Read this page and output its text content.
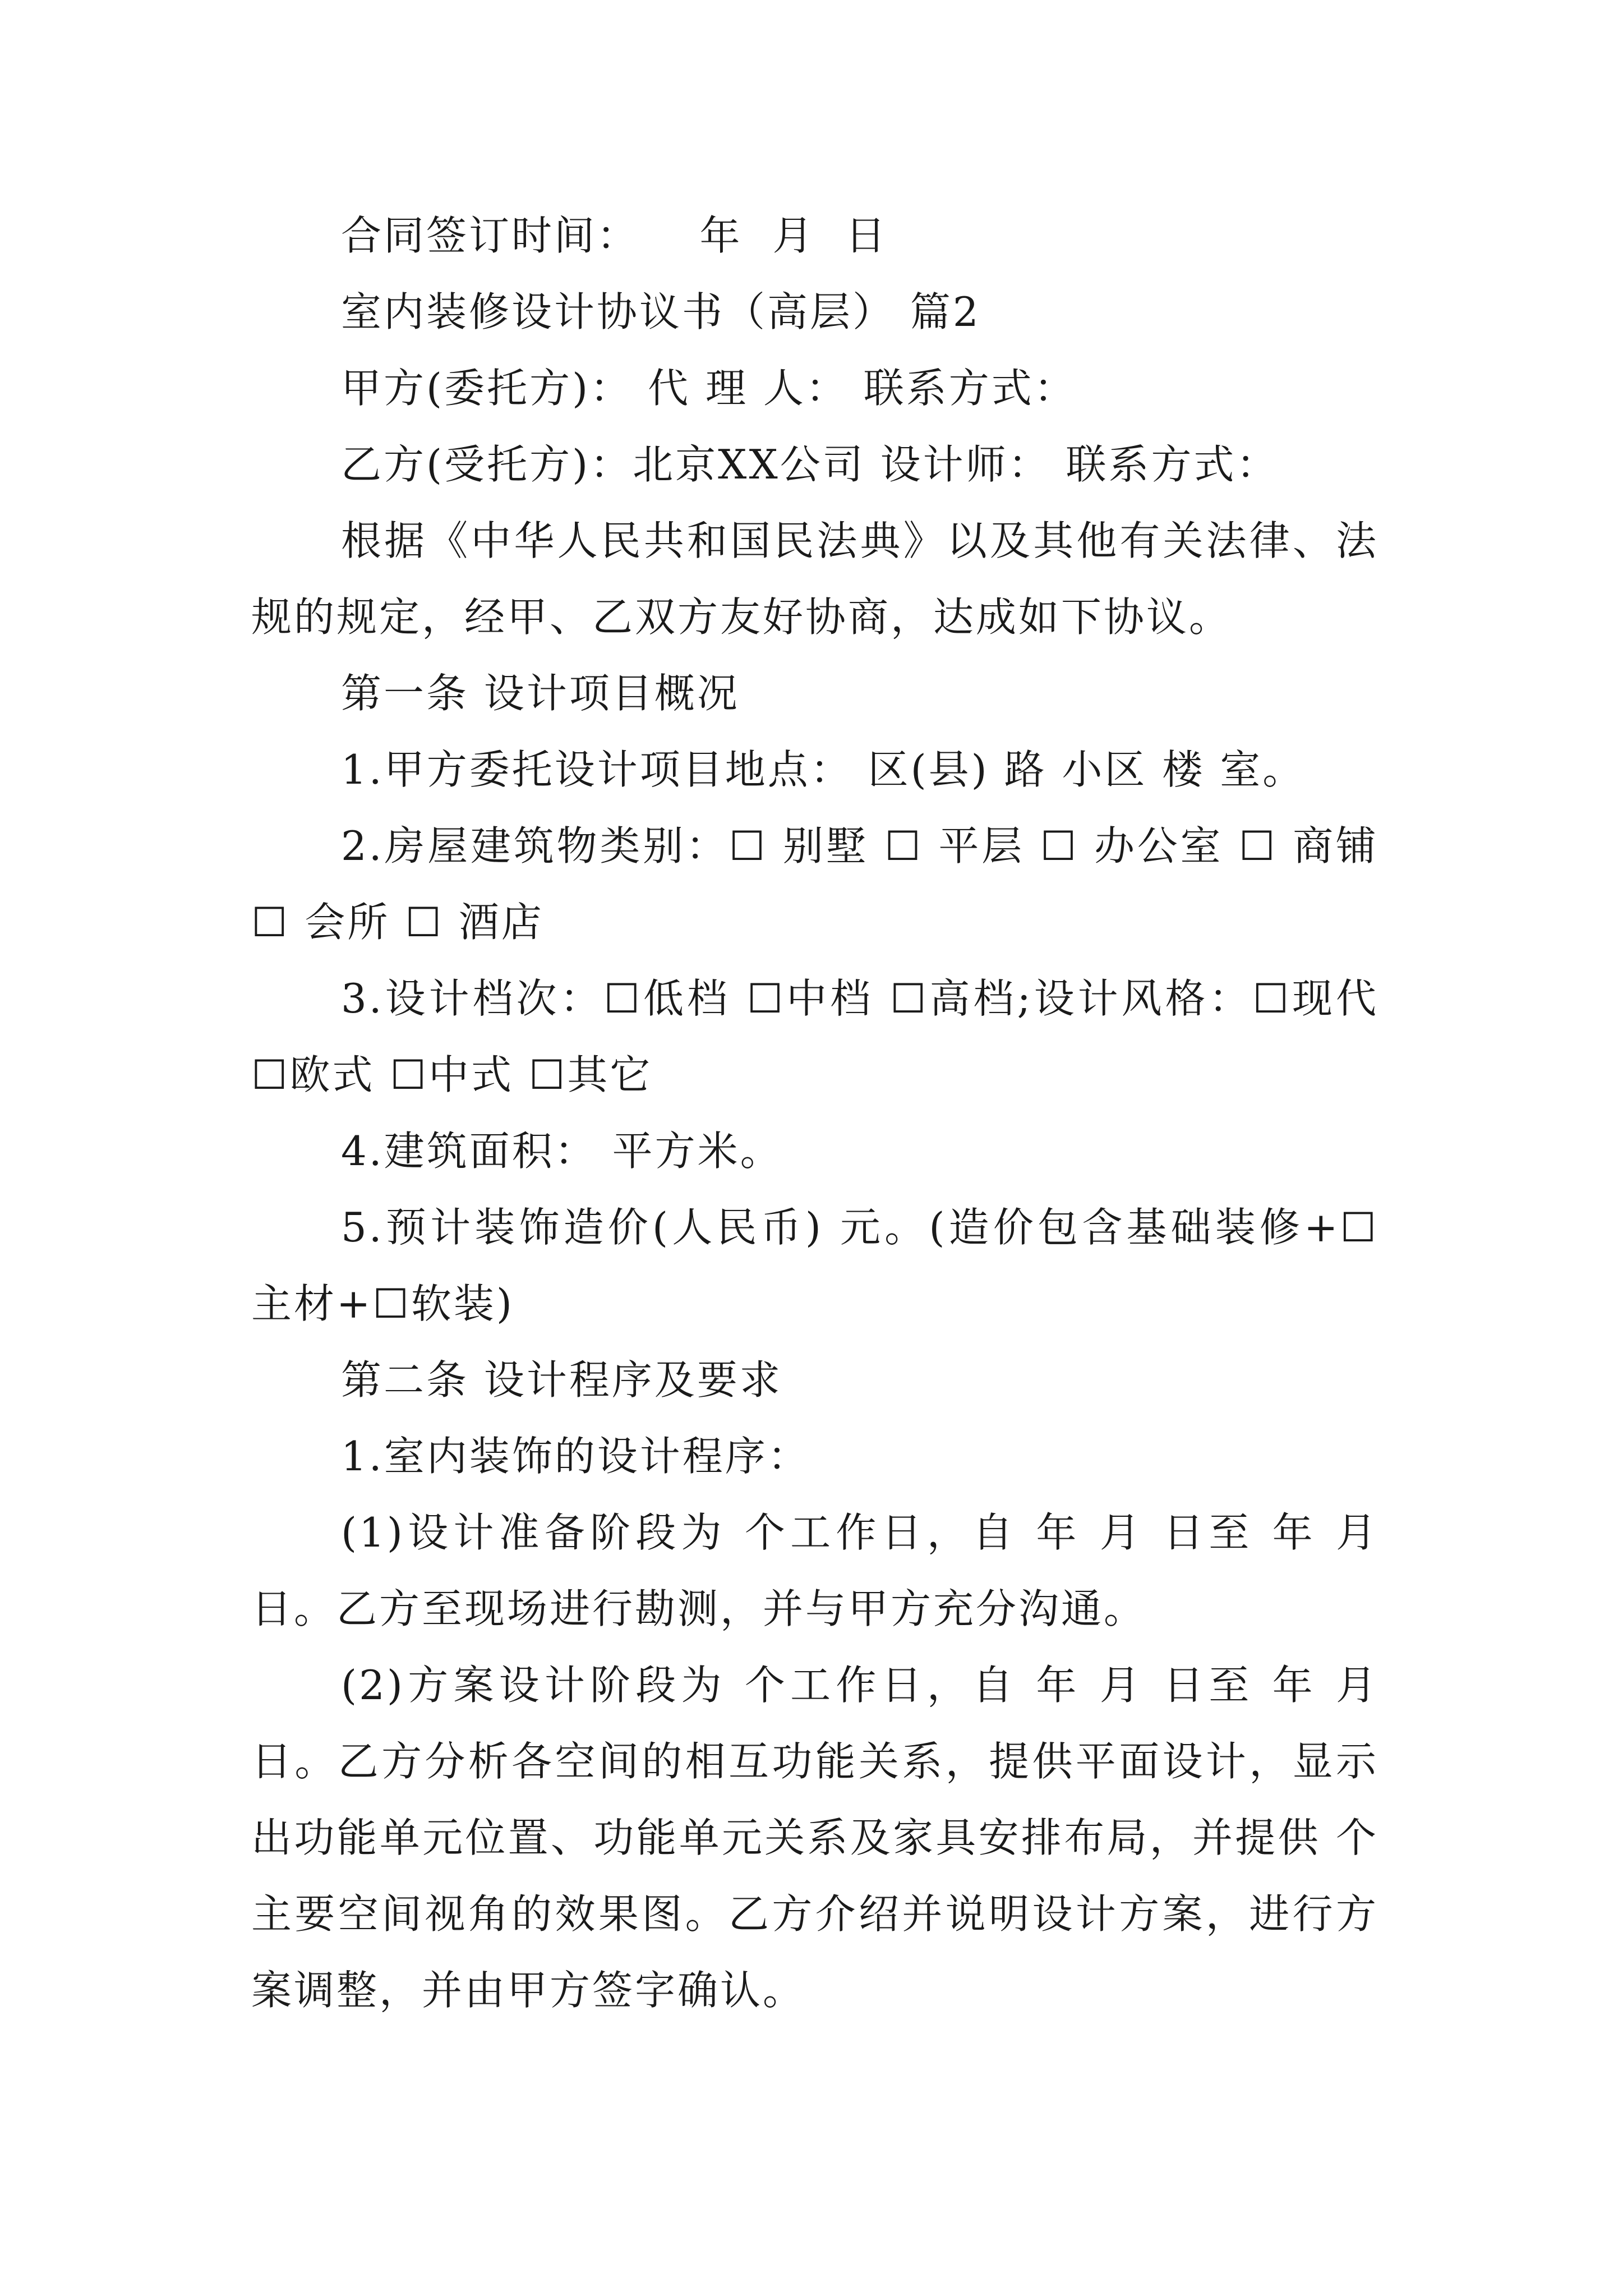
合同签订时间：    年  月  日

室内装修设计协议书（高层） 篇2

甲方(委托方)： 代 理 人： 联系方式：

乙方(受托方)：北京XX公司 设计师： 联系方式：

根据《中华人民共和国民法典》以及其他有关法律、法规的规定，经甲、乙双方友好协商，达成如下协议。

第一条 设计项目概况

1.甲方委托设计项目地点： 区(县) 路 小区 楼 室。

2.房屋建筑物类别：☐ 别墅 ☐ 平层 ☐ 办公室 ☐ 商铺 ☐ 会所 ☐ 酒店

3.设计档次：☐低档 ☐中档 ☐高档;设计风格：☐现代 ☐欧式 ☐中式 ☐其它

4.建筑面积： 平方米。

5.预计装饰造价(人民币) 元。(造价包含基础装修+☐主材+☐软装)

第二条 设计程序及要求

1.室内装饰的设计程序：

(1)设计准备阶段为 个工作日，自 年 月 日至 年 月日。乙方至现场进行勘测，并与甲方充分沟通。

(2)方案设计阶段为 个工作日，自 年 月 日至 年 月日。乙方分析各空间的相互功能关系，提供平面设计，显示出功能单元位置、功能单元关系及家具安排布局，并提供 个主要空间视角的效果图。乙方介绍并说明设计方案，进行方案调整，并由甲方签字确认。
